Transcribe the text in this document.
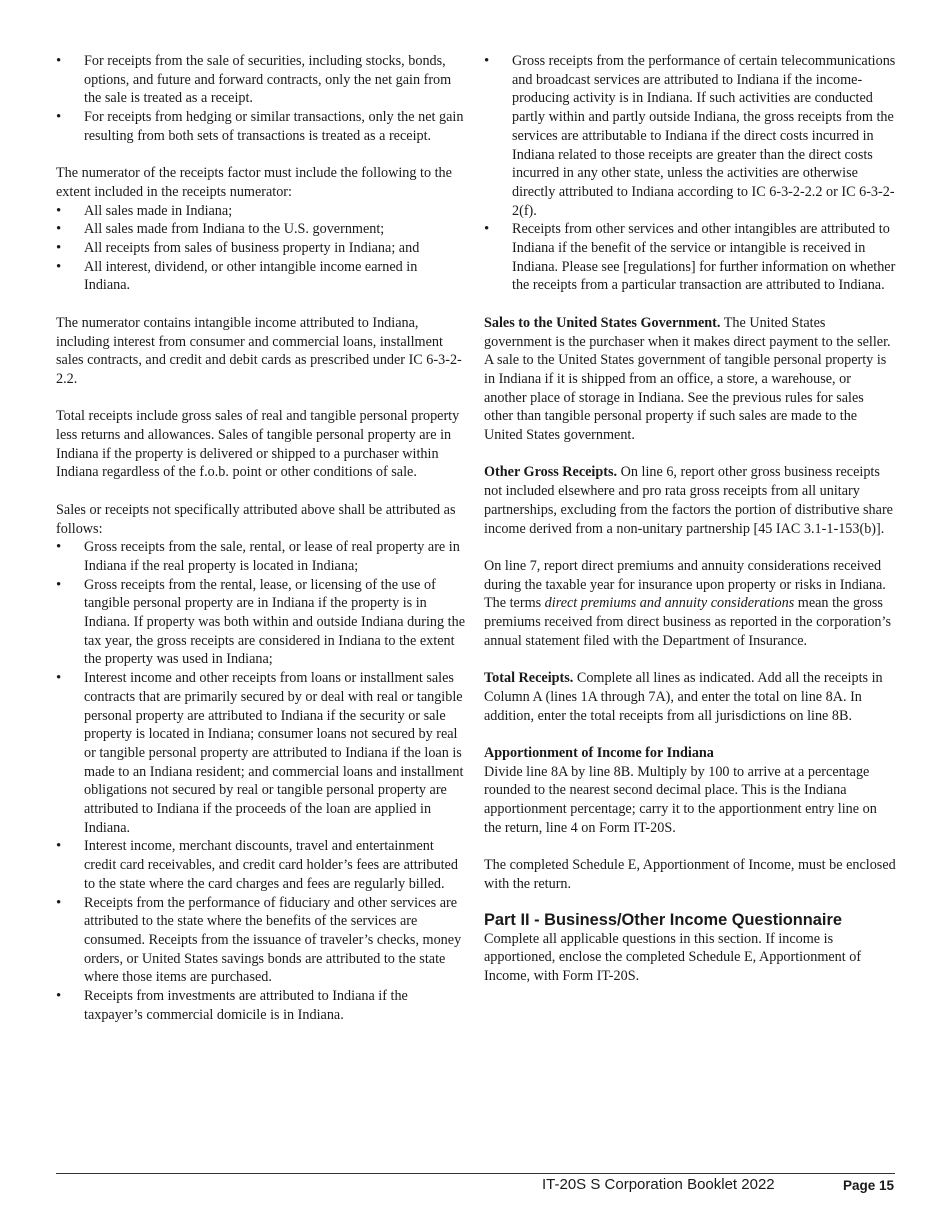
• For receipts from the sale of securities, including stocks, bonds, options, and future and forward contracts, only the net gain from the sale is treated as a receipt.
• For receipts from hedging or similar transactions, only the net gain resulting from both sets of transactions is treated as a receipt.

The numerator of the receipts factor must include the following to the extent included in the receipts numerator:

• All sales made in Indiana;
• All sales made from Indiana to the U.S. government;
• All receipts from sales of business property in Indiana; and
• All interest, dividend, or other intangible income earned in Indiana.

The numerator contains intangible income attributed to Indiana, including interest from consumer and commercial loans, installment sales contracts, and credit and debit cards as prescribed under IC 6-3-2-2.2.

Total receipts include gross sales of real and tangible personal property less returns and allowances. Sales of tangible personal property are in Indiana if the property is delivered or shipped to a purchaser within Indiana regardless of the f.o.b. point or other conditions of sale.

Sales or receipts not specifically attributed above shall be attributed as follows:

• Gross receipts from the sale, rental, or lease of real property are in Indiana if the real property is located in Indiana;
• Gross receipts from the rental, lease, or licensing of the use of tangible personal property are in Indiana if the property is in Indiana. If property was both within and outside Indiana during the tax year, the gross receipts are considered in Indiana to the extent the property was used in Indiana;
• Interest income and other receipts from loans or installment sales contracts that are primarily secured by or deal with real or tangible personal property are attributed to Indiana if the security or sale property is located in Indiana; consumer loans not secured by real or tangible personal property are attributed to Indiana if the loan is made to an Indiana resident; and commercial loans and installment obligations not secured by real or tangible personal property are attributed to Indiana if the proceeds of the loan are applied in Indiana.
• Interest income, merchant discounts, travel and entertainment credit card receivables, and credit card holder’s fees are attributed to the state where the card charges and fees are regularly billed.
• Receipts from the performance of fiduciary and other services are attributed to the state where the benefits of the services are consumed. Receipts from the issuance of traveler’s checks, money orders, or United States savings bonds are attributed to the state where those items are purchased.
• Receipts from investments are attributed to Indiana if the taxpayer’s commercial domicile is in Indiana.
• Gross receipts from the performance of certain telecommunications and broadcast services are attributed to Indiana if the income-producing activity is in Indiana. If such activities are conducted partly within and partly outside Indiana, the gross receipts from the services are attributable to Indiana if the direct costs incurred in Indiana related to those receipts are greater than the direct costs incurred in any other state, unless the activities are otherwise directly attributed to Indiana according to IC 6-3-2-2.2 or IC 6-3-2-2(f).
• Receipts from other services and other intangibles are attributed to Indiana if the benefit of the service or intangible is received in Indiana. Please see [regulations] for further information on whether the receipts from a particular transaction are attributed to Indiana.

Sales to the United States Government. The United States government is the purchaser when it makes direct payment to the seller. A sale to the United States government of tangible personal property is in Indiana if it is shipped from an office, a store, a warehouse, or another place of storage in Indiana. See the previous rules for sales other than tangible personal property if such sales are made to the United States government.

Other Gross Receipts. On line 6, report other gross business receipts not included elsewhere and pro rata gross receipts from all unitary partnerships, excluding from the factors the portion of distributive share income derived from a non-unitary partnership [45 IAC 3.1-1-153(b)].

On line 7, report direct premiums and annuity considerations received during the taxable year for insurance upon property or risks in Indiana. The terms direct premiums and annuity considerations mean the gross premiums received from direct business as reported in the corporation’s annual statement filed with the Department of Insurance.

Total Receipts. Complete all lines as indicated. Add all the receipts in Column A (lines 1A through 7A), and enter the total on line 8A. In addition, enter the total receipts from all jurisdictions on line 8B.

Apportionment of Income for Indiana

Divide line 8A by line 8B. Multiply by 100 to arrive at a percentage rounded to the nearest second decimal place. This is the Indiana apportionment percentage; carry it to the apportionment entry line on the return, line 4 on Form IT-20S.

The completed Schedule E, Apportionment of Income, must be enclosed with the return.

Part II - Business/Other Income Questionnaire

Complete all applicable questions in this section. If income is apportioned, enclose the completed Schedule E, Apportionment of Income, with Form IT-20S.

IT-20S S Corporation Booklet 2022	Page 15
